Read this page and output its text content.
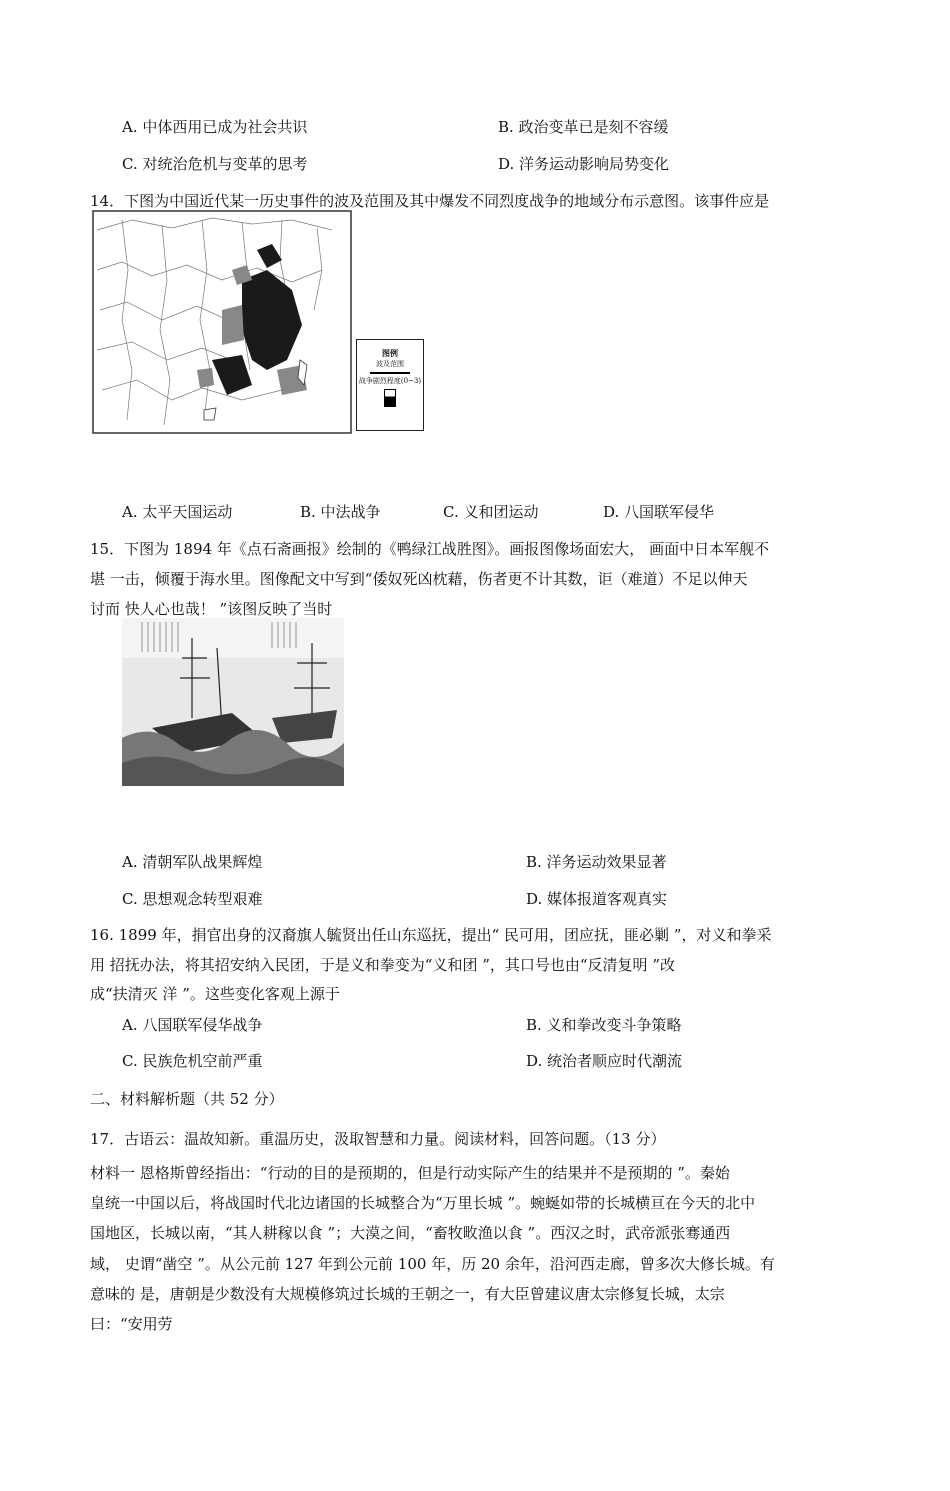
A. 中体西用已成为社会共识	B. 政治变革已是刻不容缓
C. 对统治危机与变革的思考	D. 洋务运动影响局势变化
14．下图为中国近代某一历史事件的波及范围及其中爆发不同烈度战争的地域分布示意图。该事件应是
图例
波及范围
战争剧烈程度(0~3)
A. 太平天国运动	B. 中法战争	C. 义和团运动	D. 八国联军侵华
15．下图为 1894 年《点石斋画报》绘制的《鸭绿江战胜图》。画报图像场面宏大， 画面中日本军舰不
堪 一击，倾覆于海水里。图像配文中写到“倭奴死凶枕藉，伤者更不计其数，讵（难道）不足以伸天
讨而 快人心也哉！ ”该图反映了当时
A. 清朝军队战果辉煌	B. 洋务运动效果显著
C. 思想观念转型艰难	D. 媒体报道客观真实
16. 1899 年，捐官出身的汉裔旗人毓贤出任山东巡抚，提出“ 民可用，团应抚，匪必剿 ”，对义和拳采
用 招抚办法，将其招安纳入民团，于是义和拳变为“义和团 ”，其口号也由“反清复明 ”改
成“扶清灭 洋 ”。这些变化客观上源于
A. 八国联军侵华战争	B. 义和拳改变斗争策略
C. 民族危机空前严重	D. 统治者顺应时代潮流
二、材料解析题（共 52 分）
17．古语云：温故知新。重温历史，汲取智慧和力量。阅读材料，回答问题。（13 分）
材料一 恩格斯曾经指出：“行动的目的是预期的，但是行动实际产生的结果并不是预期的 ”。秦始
皇统一中国以后，将战国时代北边诸国的长城整合为“万里长城 ”。蜿蜒如带的长城横亘在今天的北中
国地区，长城以南，“其人耕稼以食 ”；大漠之间，“畜牧畋渔以食 ”。西汉之时，武帝派张骞通西
域， 史谓“凿空 ”。从公元前 127 年到公元前 100 年，历 20 余年，沿河西走廊，曾多次大修长城。有
意味的 是，唐朝是少数没有大规模修筑过长城的王朝之一，有大臣曾建议唐太宗修复长城，太宗
曰：“安用劳
